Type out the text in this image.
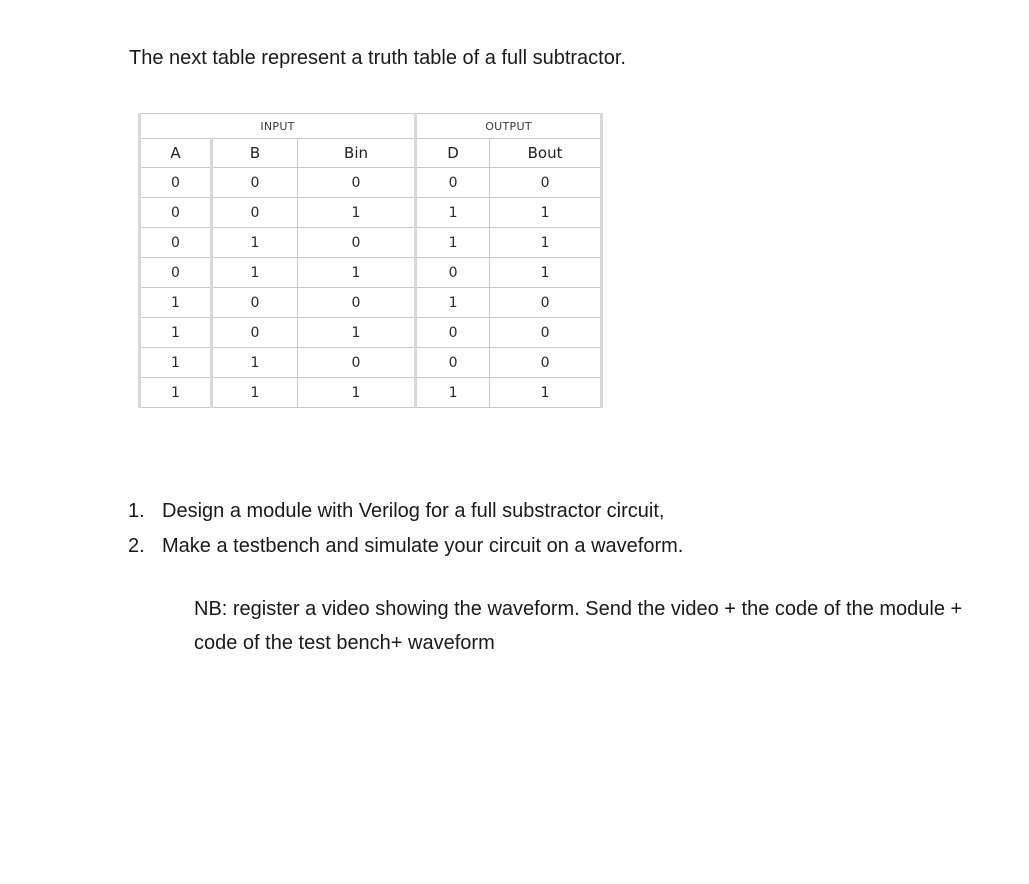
The next table represent a truth table of a full subtractor.

INPUT			OUTPUT	
A	B	Bin	D	Bout
0	0	0	0	0
0	0	1	1	1
0	1	0	1	1
0	1	1	0	1
1	0	0	1	0
1	0	1	0	0
1	1	0	0	0
1	1	1	1	1
1. Design a module with Verilog for a full substractor circuit,
2. Make a testbench and simulate your circuit on a waveform.

NB: register a video showing the waveform. Send the video + the code of the module + code of the test bench+ waveform
